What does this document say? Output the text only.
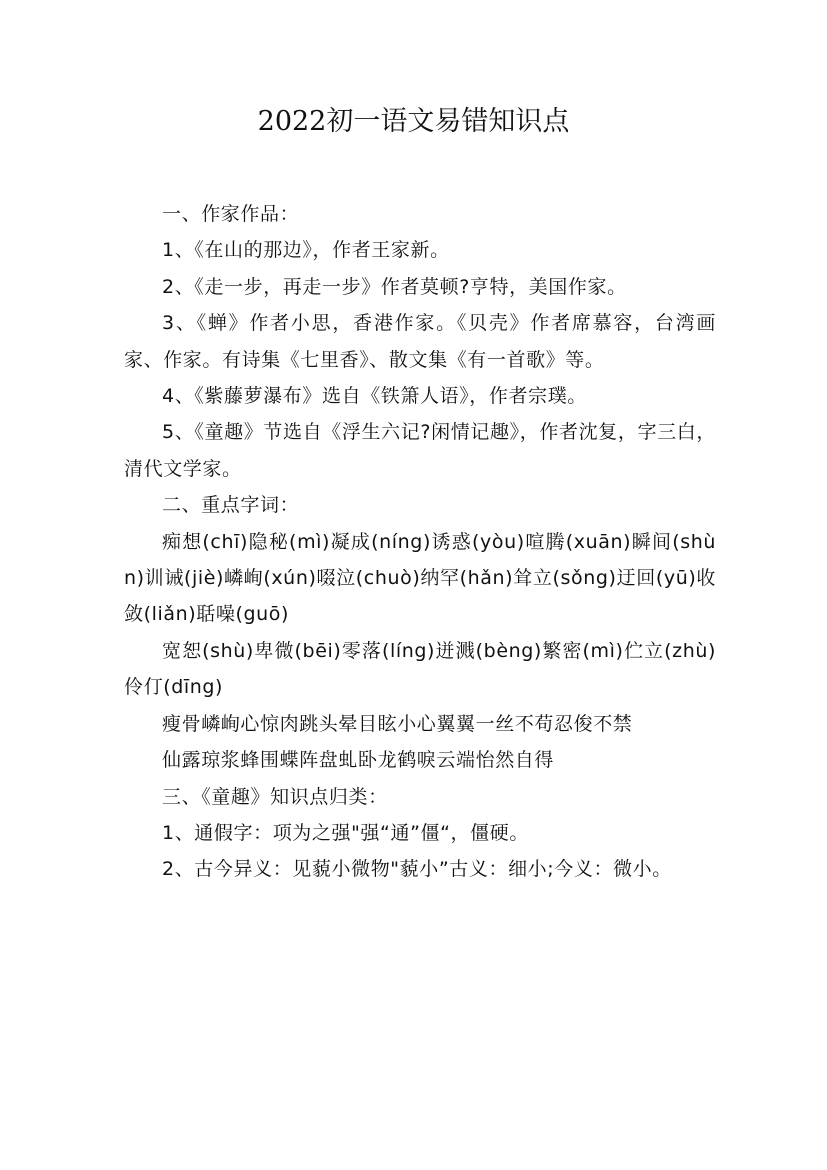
2022初一语文易错知识点

一、作家作品：

1、《在山的那边》，作者王家新。

2、《走一步，再走一步》作者莫顿?亨特，美国作家。

3、《蝉》作者小思，香港作家。《贝壳》作者席慕容，台湾画家、作家。有诗集《七里香》、散文集《有一首歌》等。

4、《紫藤萝瀑布》选自《铁箫人语》，作者宗璞。

5、《童趣》节选自《浮生六记?闲情记趣》，作者沈复，字三白，清代文学家。

二、重点字词：

痴想(chī)隐秘(mì)凝成(níng)诱惑(yòu)喧腾(xuān)瞬间(shùn)训诫(jiè)嶙峋(xún)啜泣(chuò)纳罕(hǎn)耸立(sǒng)迂回(yū)收敛(liǎn)聒噪(guō)

宽恕(shù)卑微(bēi)零落(líng)迸溅(bèng)繁密(mì)伫立(zhù)伶仃(dīng)

瘦骨嶙峋心惊肉跳头晕目眩小心翼翼一丝不苟忍俊不禁

仙露琼浆蜂围蝶阵盘虬卧龙鹤唳云端怡然自得

三、《童趣》知识点归类：

1、通假字：项为之强"强“通”僵“，僵硬。

2、古今异义：见藐小微物"藐小”古义：细小;今义：微小。
